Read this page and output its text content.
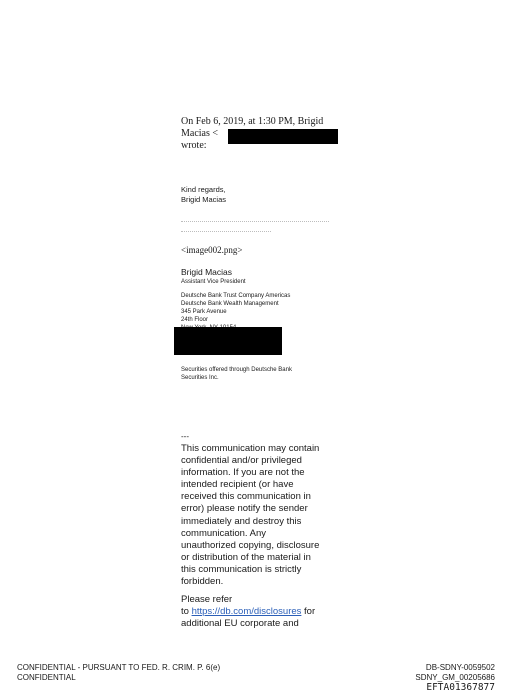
On Feb 6, 2019, at 1:30 PM, Brigid
Macias <
wrote:
Kind regards,
Brigid Macias
<image002.png>
Brigid Macias
Assistant Vice President
Deutsche Bank Trust Company Americas
Deutsche Bank Wealth Management
345 Park Avenue
24th Floor
Securities offered through Deutsche Bank
Securities Inc.
---
This communication may contain
confidential and/or privileged
information. If you are not the
intended recipient (or have
received this communication in
error) please notify the sender
immediately and destroy this
communication. Any
unauthorized copying, disclosure
or distribution of the material in
this communication is strictly
forbidden.
Please refer
to https://db.com/disclosures for
additional EU corporate and
CONFIDENTIAL - PURSUANT TO FED. R. CRIM. P. 6(e)
CONFIDENTIAL
DB-SDNY-0059502
SDNY_GM_00205686
EFTA01367877
